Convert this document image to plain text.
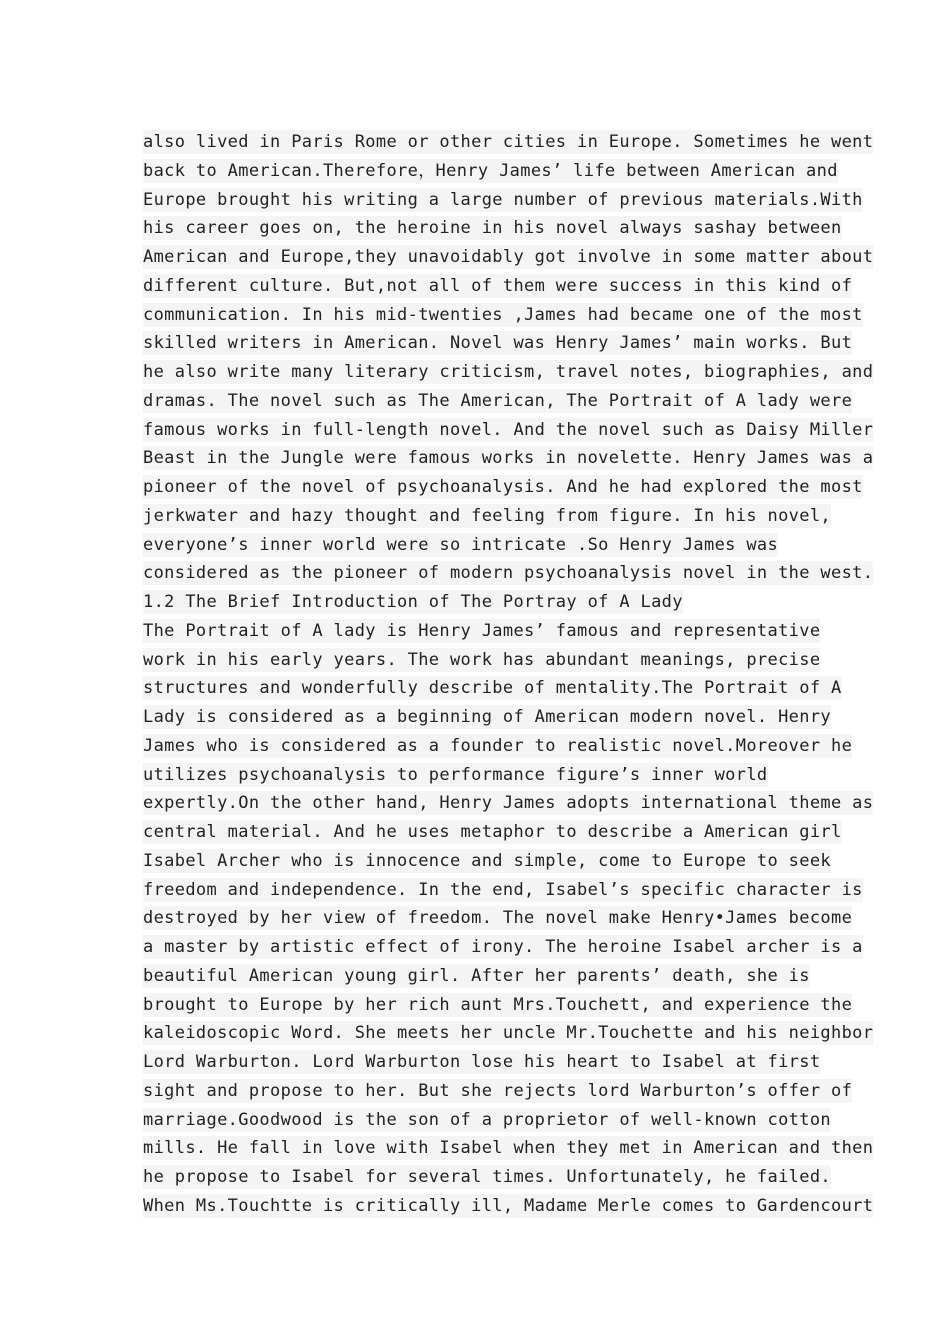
also lived in Paris Rome or other cities in Europe. Sometimes he went
back to American.Therefore，Henry James’ life between American and
Europe brought his writing a large number of previous materials.With
his career goes on, the heroine in his novel always sashay between
American and Europe,they unavoidably got involve in some matter about
different culture. But,not all of them were success in this kind of
communication. In his mid-twenties ,James had became one of the most
skilled writers in American. Novel was Henry James’ main works. But
he also write many literary criticism, travel notes, biographies, and
dramas. The novel such as The American, The Portrait of A lady were
famous works in full-length novel. And the novel such as Daisy Miller
Beast in the Jungle were famous works in novelette. Henry James was a
pioneer of the novel of psychoanalysis. And he had explored the most
jerkwater and hazy thought and feeling from figure. In his novel,
everyone’s inner world were so intricate .So Henry James was
considered as the pioneer of modern psychoanalysis novel in the west.
1.2 The Brief Introduction of The Portray of A Lady
The Portrait of A lady is Henry James’ famous and representative
work in his early years. The work has abundant meanings, precise
structures and wonderfully describe of mentality.The Portrait of A
Lady is considered as a beginning of American modern novel. Henry
James who is considered as a founder to realistic novel.Moreover he
utilizes psychoanalysis to performance figure’s inner world
expertly.On the other hand, Henry James adopts international theme as
central material. And he uses metaphor to describe a American girl
Isabel Archer who is innocence and simple, come to Europe to seek
freedom and independence. In the end, Isabel’s specific character is
destroyed by her view of freedom. The novel make Henry•James become
a master by artistic effect of irony. The heroine Isabel archer is a
beautiful American young girl. After her parents’ death, she is
brought to Europe by her rich aunt Mrs.Touchett, and experience the
kaleidoscopic Word. She meets her uncle Mr.Touchette and his neighbor
Lord Warburton. Lord Warburton lose his heart to Isabel at first
sight and propose to her. But she rejects lord Warburton’s offer of
marriage.Goodwood is the son of a proprietor of well-known cotton
mills. He fall in love with Isabel when they met in American and then
he propose to Isabel for several times. Unfortunately, he failed.
When Ms.Touchtte is critically ill, Madame Merle comes to Gardencourt
